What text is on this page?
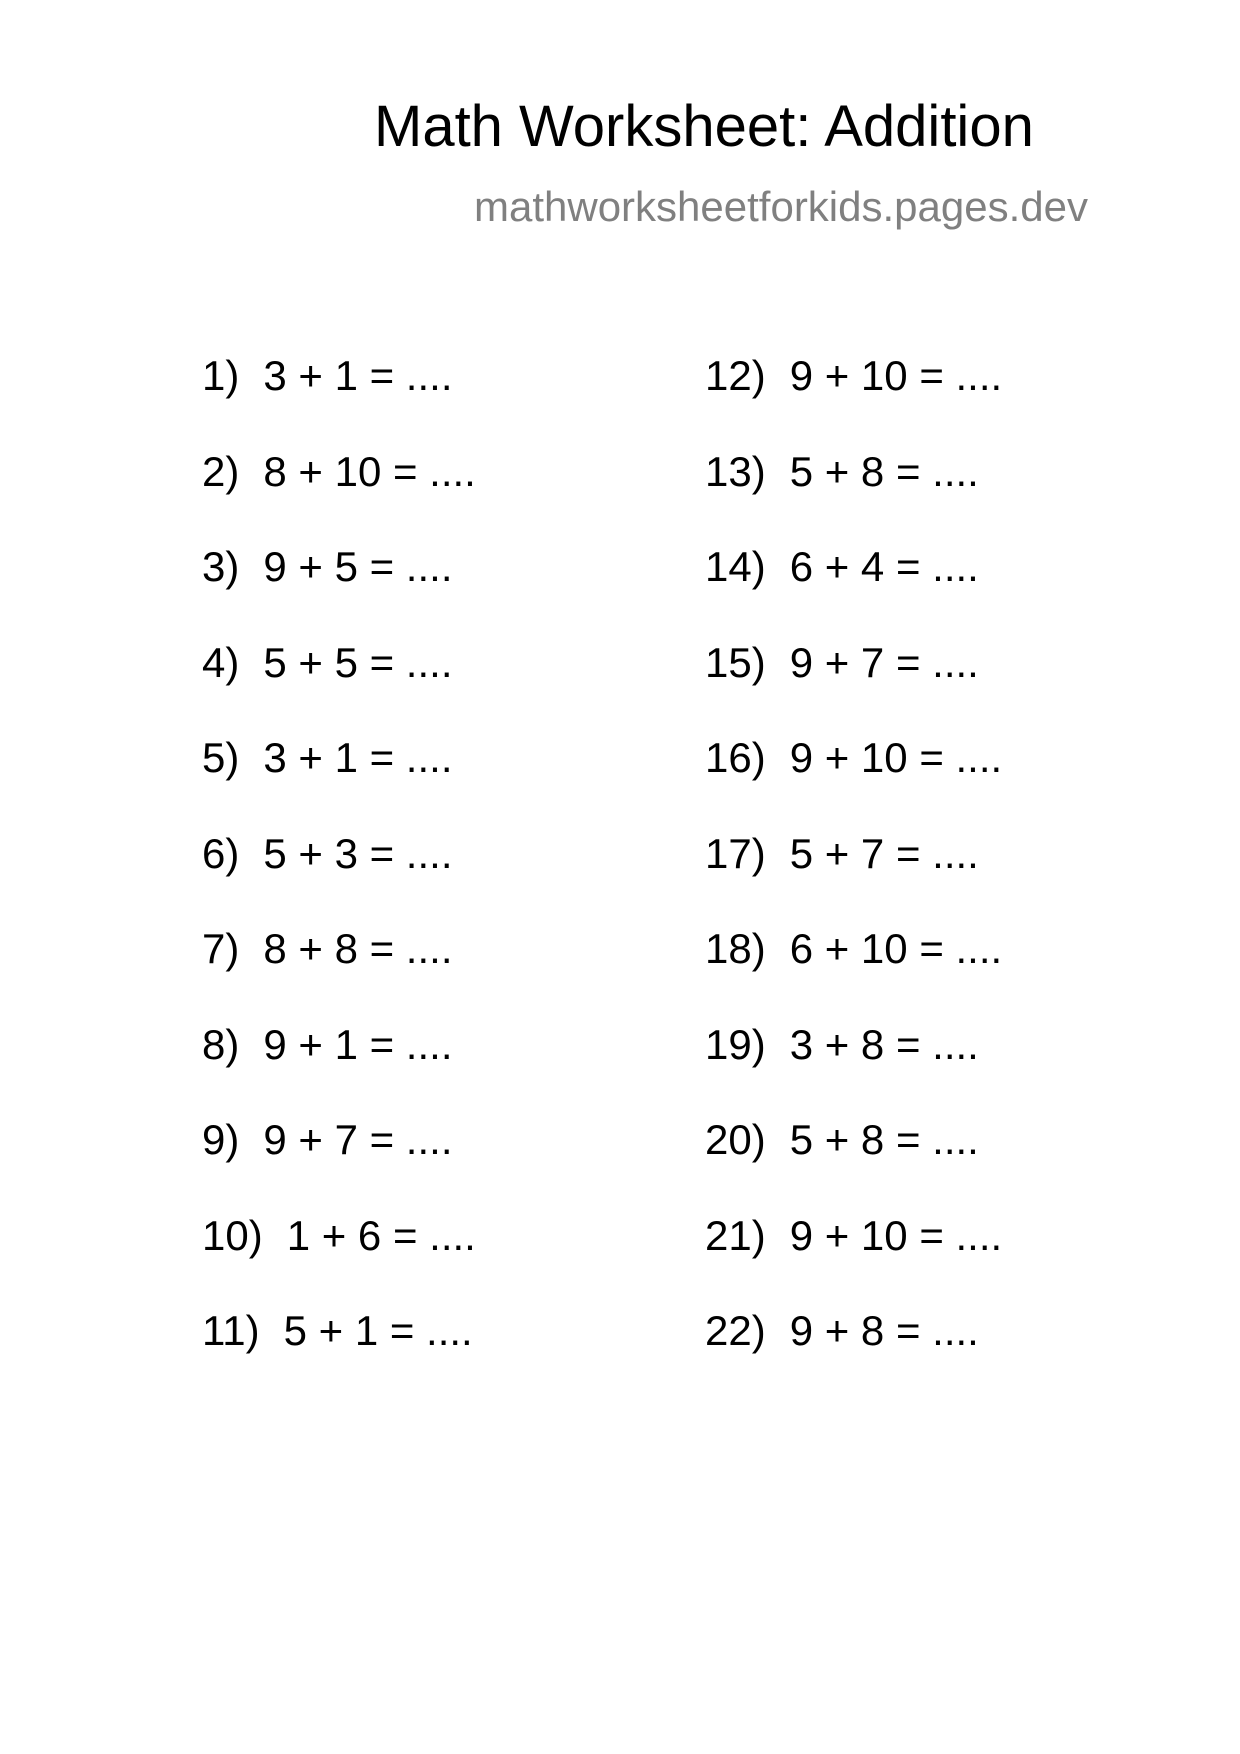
Math Worksheet: Addition
mathworksheetforkids.pages.dev
1) 3 + 1 = ....
2) 8 + 10 = ....
3) 9 + 5 = ....
4) 5 + 5 = ....
5) 3 + 1 = ....
6) 5 + 3 = ....
7) 8 + 8 = ....
8) 9 + 1 = ....
9) 9 + 7 = ....
10) 1 + 6 = ....
11) 5 + 1 = ....
12) 9 + 10 = ....
13) 5 + 8 = ....
14) 6 + 4 = ....
15) 9 + 7 = ....
16) 9 + 10 = ....
17) 5 + 7 = ....
18) 6 + 10 = ....
19) 3 + 8 = ....
20) 5 + 8 = ....
21) 9 + 10 = ....
22) 9 + 8 = ....
